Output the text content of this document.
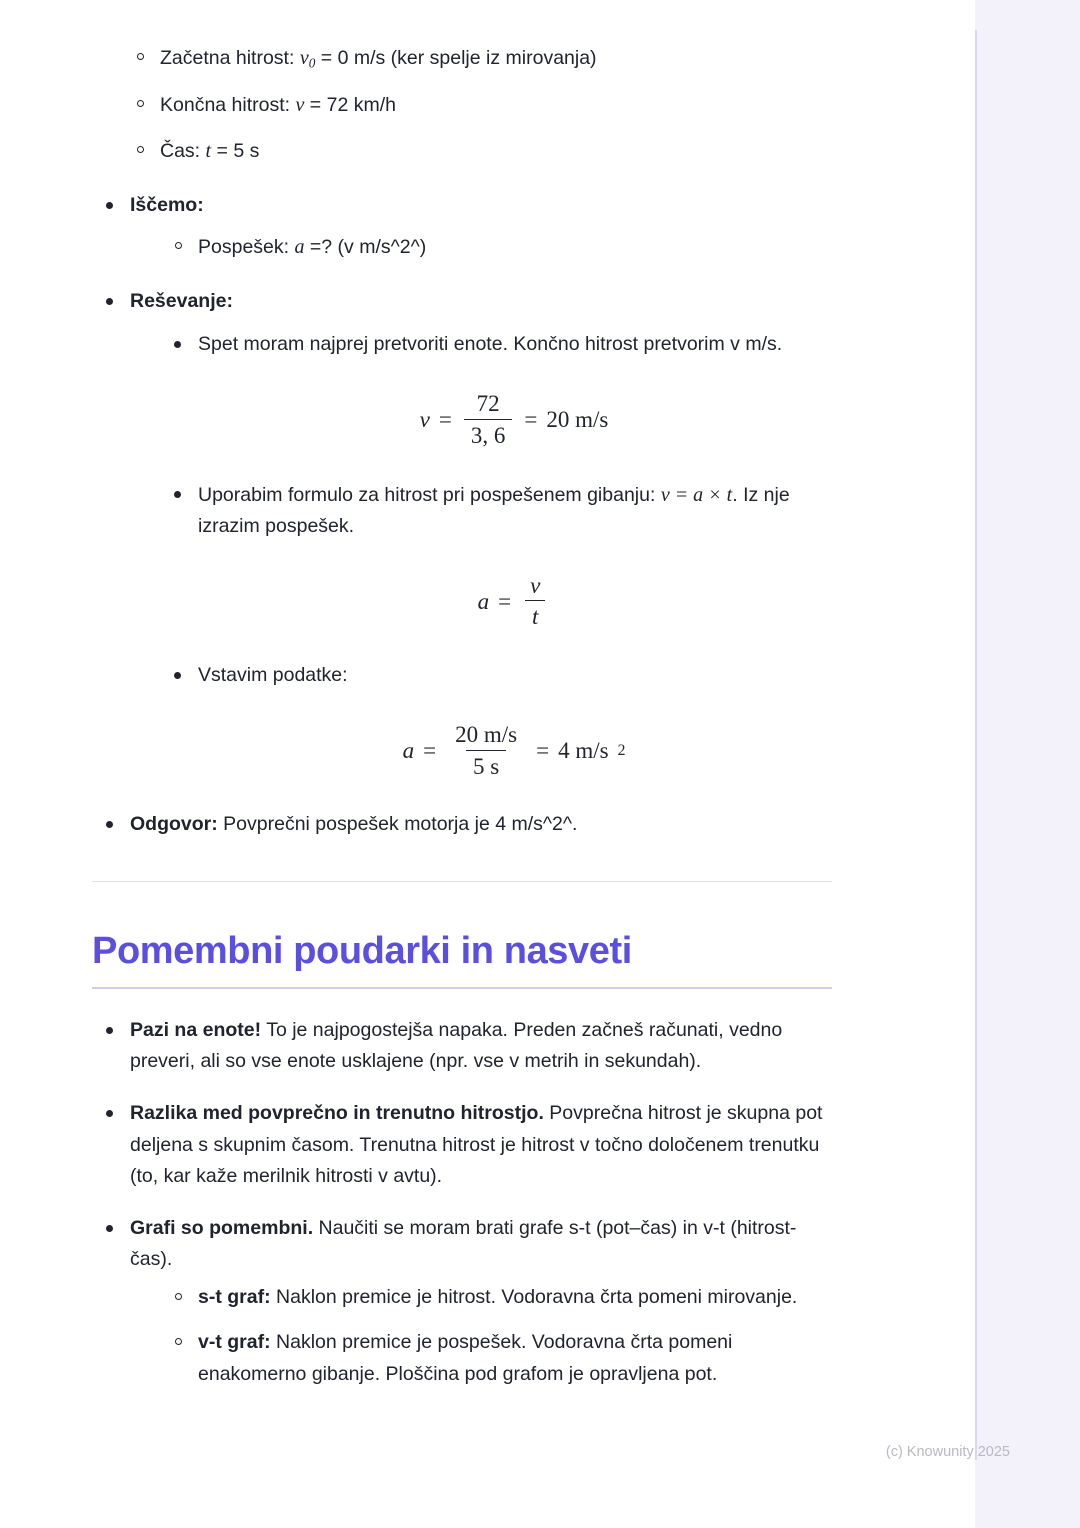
Začetna hitrost: $v_0 = 0$ m/s (ker spelje iz mirovanja)
Končna hitrost: v = 72 km/h
Čas: t = 5 s
Iščemo:
Pospešek: a =? (v m/s^2^)
Reševanje:
Spet moram najprej pretvoriti enote. Končno hitrost pretvorim v m/s.
$v = \frac{72}{3, 6} = 20$ m/s
Uporabim formulo za hitrost pri pospešenem gibanju: v = a × t. Iz nje izrazim pospešek.
$a = \frac{v}{t}$
Vstavim podatke:
$a = \frac{20 m/s}{5 s} = 4$ m/s 2
Odgovor: Povprečni pospešek motorja je 4 m/s^2^.
Pomembni poudarki in nasveti
Pazi na enote! To je najpogostejša napaka. Preden začneš računati, vedno preveri, ali so vse enote usklajene (npr. vse v metrih in sekundah).
Razlika med povprečno in trenutno hitrostjo. Povprečna hitrost je skupna pot deljena s skupnim časom. Trenutna hitrost je hitrost v točno določenem trenutku (to, kar kaže merilnik hitrosti v avtu).
Grafi so pomembni. Naučiti se moram brati grafe s-t (pot–čas) in v-t (hitrost-čas).
s-t graf: Naklon premice je hitrost. Vodoravna črta pomeni mirovanje.
v-t graf: Naklon premice je pospešek. Vodoravna črta pomeni enakomerno gibanje. Ploščina pod grafom je opravljena pot.
(c) Knowunity 2025
